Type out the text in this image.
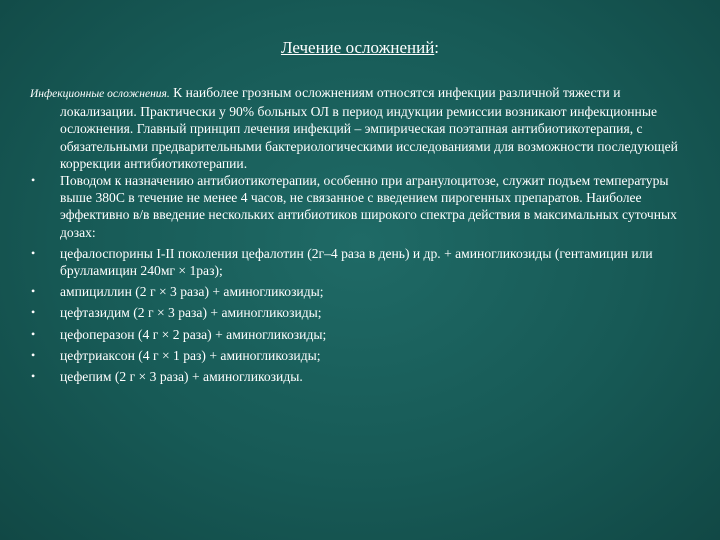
Лечение осложнений:

Инфекционные осложнения. К наиболее грозным осложнениям относятся инфекции различной тяжести и локализации. Практически у 90% больных ОЛ в период индукции ремиссии возникают инфекционные осложнения. Главный принцип лечения инфекций – эмпирическая поэтапная антибиотикотерапия, с обязательными предварительными бактериологическими исследованиями для возможности последующей коррекции антибиотикотерапии.

• Поводом к назначению антибиотикотерапии, особенно при агранулоцитозе, служит подъем температуры выше 380С в течение не менее 4 часов, не связанное с введением пирогенных препаратов. Наиболее эффективно в/в введение нескольких антибиотиков широкого спектра действия в максимальных суточных дозах:
• цефалоспорины I-II поколения цефалотин (2г–4 раза в день) и др. + аминогликозиды (гентамицин или брулламицин 240мг × 1раз);
• ампициллин (2 г × 3 раза) + аминогликозиды;
• цефтазидим (2 г × 3 раза) + аминогликозиды;
• цефоперазон (4 г × 2 раза) + аминогликозиды;
• цефтриаксон (4 г × 1 раз) + аминогликозиды;
• цефепим (2 г × 3 раза) + аминогликозиды.
